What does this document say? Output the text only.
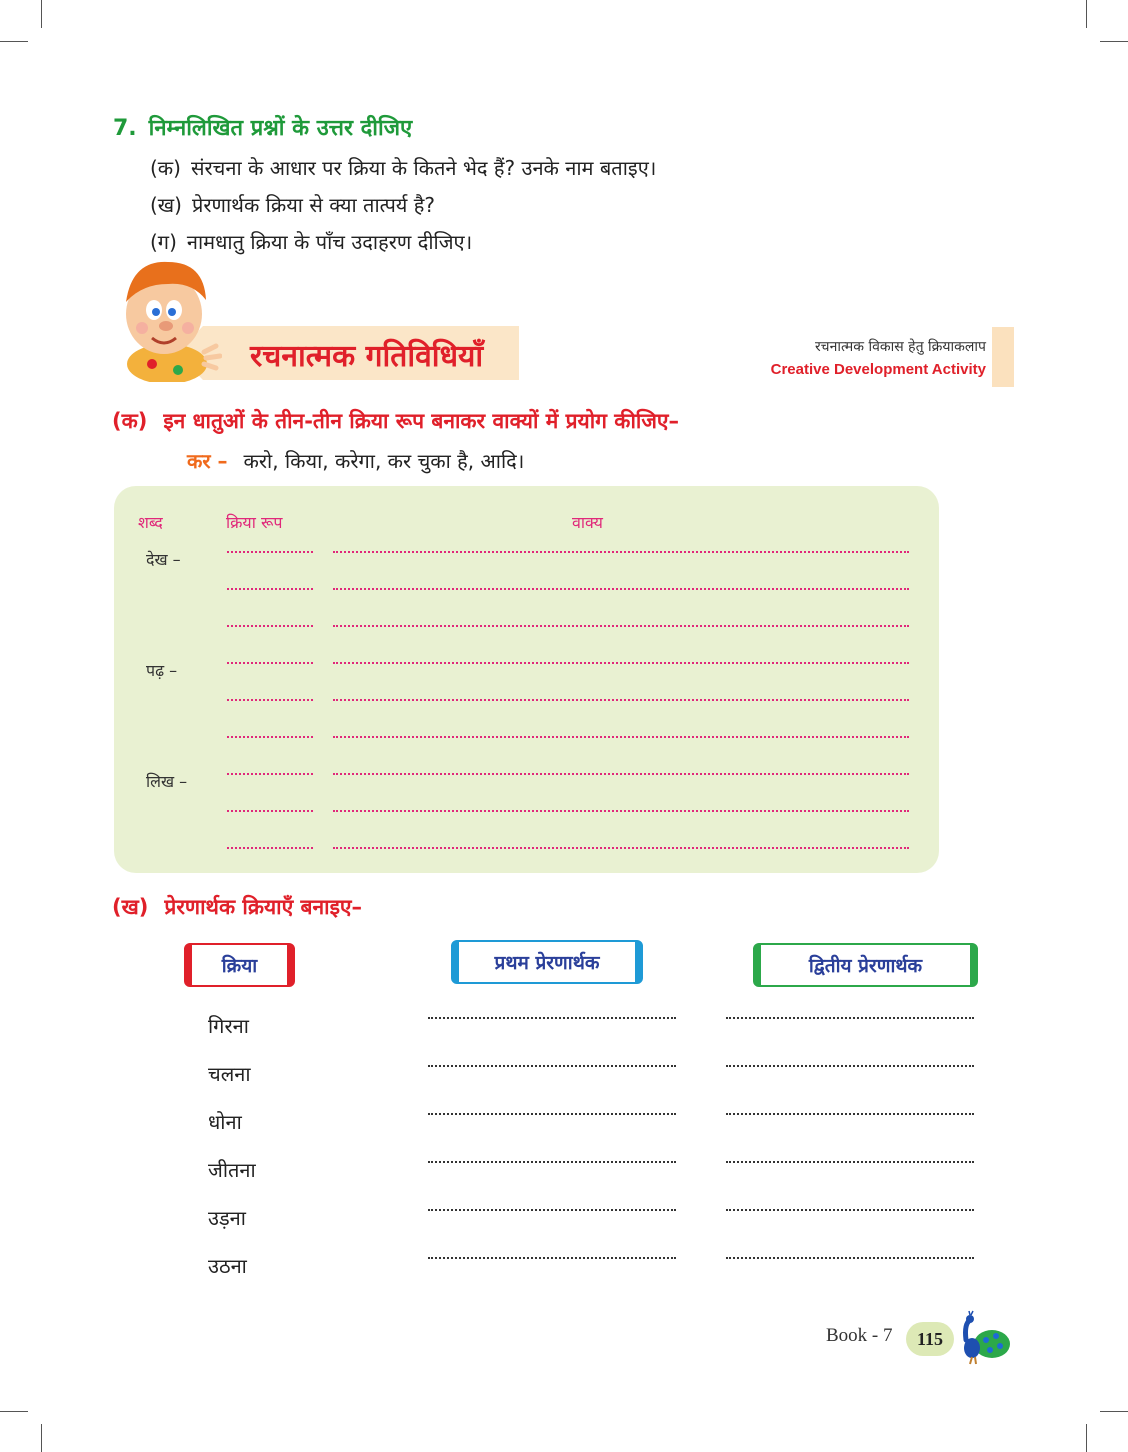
7. निम्नलिखित प्रश्नों के उत्तर दीजिए
(क) संरचना के आधार पर क्रिया के कितने भेद हैं? उनके नाम बताइए।
(ख) प्रेरणार्थक क्रिया से क्या तात्पर्य है?
(ग) नामधातु क्रिया के पाँच उदाहरण दीजिए।
रचनात्मक गतिविधियाँ	रचनात्मक विकास हेतु क्रियाकलाप
Creative Development Activity
(क) इन धातुओं के तीन-तीन क्रिया रूप बनाकर वाक्यों में प्रयोग कीजिए–
कर – करो, किया, करेगा, कर चुका है, आदि।
शब्द	क्रिया रूप	वाक्य
देख –
पढ़ –
लिख –
(ख) प्रेरणार्थक क्रियाएँ बनाइए–
क्रिया	प्रथम प्रेरणार्थक	द्वितीय प्रेरणार्थक
गिरना
चलना
धोना
जीतना
उड़ना
उठना
Book - 7	115
